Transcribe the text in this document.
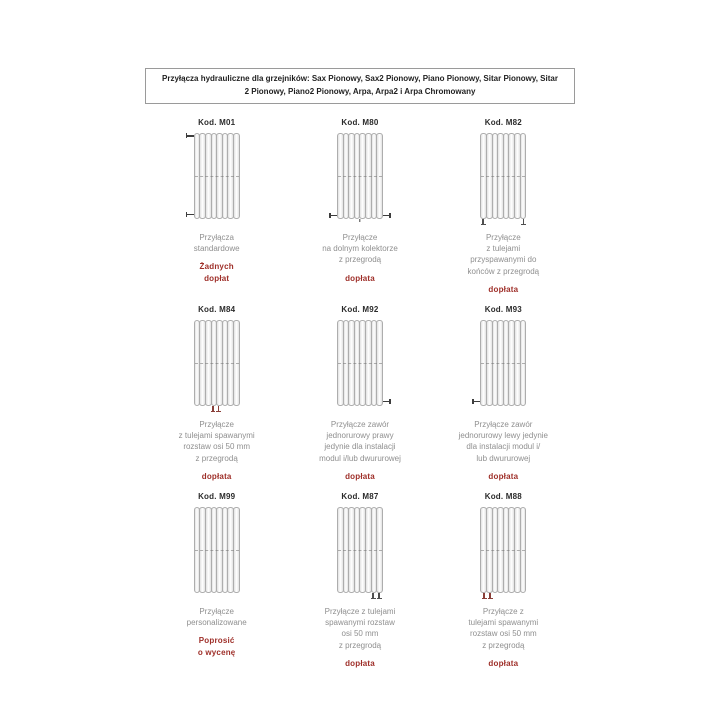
Przyłącza hydrauliczne dla grzejników: Sax Pionowy, Sax2 Pionowy, Piano Pionowy, Sitar Pionowy, Sitar 2 Pionowy, Piano2 Pionowy, Arpa, Arpa2 i Arpa Chromowany
Kod. M01
Przyłącza
standardowe
Żadnych
dopłat
Kod. M80
Przyłącze
na dolnym kolektorze
z przegrodą
dopłata
Kod. M82
Przyłącze
z tulejami
przyspawanymi do
końców z przegrodą
dopłata
Kod. M84
Przyłącze
z tulejami spawanymi
rozstaw osi 50 mm
z przegrodą
dopłata
Kod. M92
Przyłącze zawór
jednorurowy prawy
jedynie dla instalacji
modul i/lub dwururowej
dopłata
Kod. M93
Przyłącze zawór
jednorurowy lewy jedynie
dla instalacji modul i/
lub dwururowej
dopłata
Kod. M99
Przyłącze
personalizowane
Poprosić
o wycenę
Kod. M87
Przyłącze z tulejami
spawanymi rozstaw
osi 50 mm
z przegrodą
dopłata
Kod. M88
Przyłącze z
tulejami spawanymi
rozstaw osi 50 mm
z przegrodą
dopłata
